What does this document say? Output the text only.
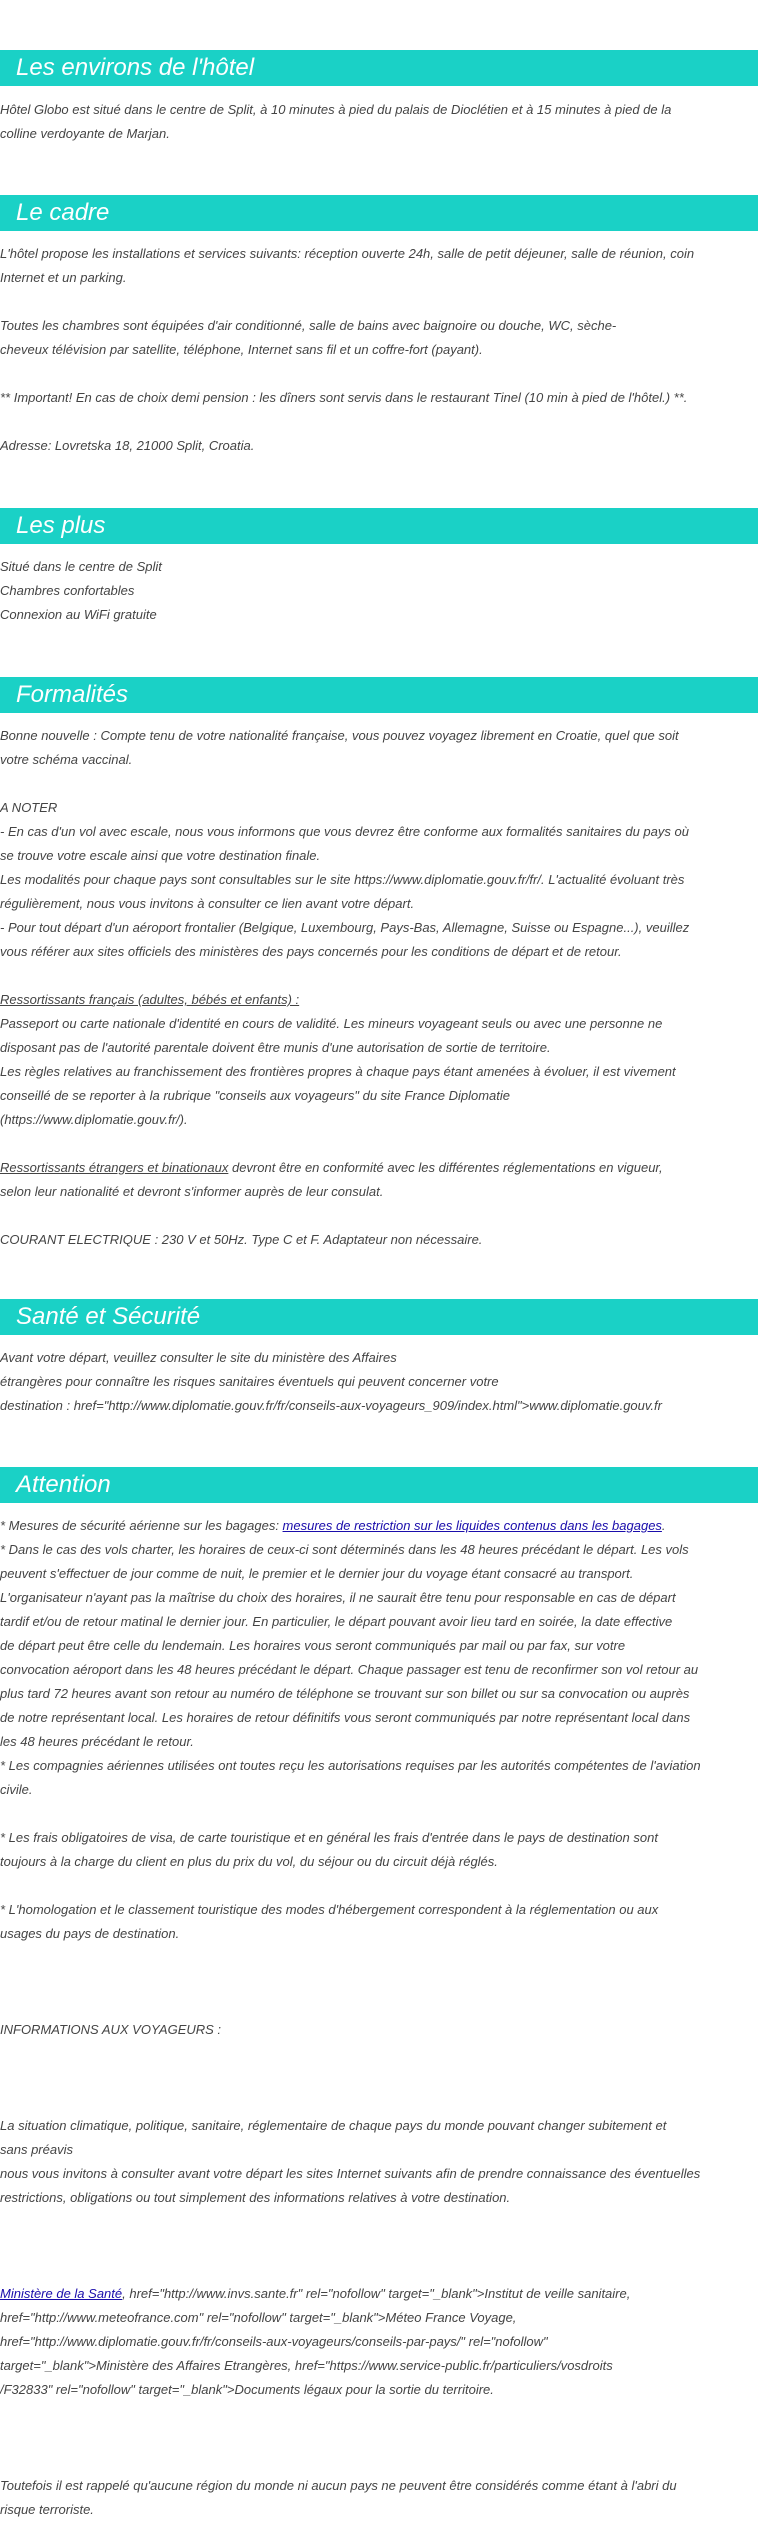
Les environs de l'hôtel
Hôtel Globo est situé dans le centre de Split, à 10 minutes à pied du palais de Dioclétien et à 15 minutes à pied de la
colline verdoyante de Marjan.
Le cadre
L'hôtel propose les installations et services suivants: réception ouverte 24h, salle de petit déjeuner, salle de réunion, coin
Internet et un parking.
Toutes les chambres sont équipées d'air conditionné, salle de bains avec baignoire ou douche, WC, sèche-
cheveux télévision par satellite, téléphone, Internet sans fil et un coffre-fort (payant).
** Important! En cas de choix demi pension : les dîners sont servis dans le restaurant Tinel (10 min à pied de l'hôtel.) **.
Adresse: Lovretska 18, 21000 Split, Croatia.
Les plus
Situé dans le centre de Split
Chambres confortables
Connexion au WiFi gratuite
Formalités
Bonne nouvelle : Compte tenu de votre nationalité française, vous pouvez voyagez librement en Croatie, quel que soit
votre schéma vaccinal.
A NOTER
- En cas d'un vol avec escale, nous vous informons que vous devrez être conforme aux formalités sanitaires du pays où
se trouve votre escale ainsi que votre destination finale.
Les modalités pour chaque pays sont consultables sur le site https://www.diplomatie.gouv.fr/fr/. L'actualité évoluant très
régulièrement, nous vous invitons à consulter ce lien avant votre départ.
- Pour tout départ d'un aéroport frontalier (Belgique, Luxembourg, Pays-Bas, Allemagne, Suisse ou Espagne...), veuillez
vous référer aux sites officiels des ministères des pays concernés pour les conditions de départ et de retour.
Ressortissants français (adultes, bébés et enfants) :
Passeport ou carte nationale d'identité en cours de validité. Les mineurs voyageant seuls ou avec une personne ne
disposant pas de l'autorité parentale doivent être munis d'une autorisation de sortie de territoire.
Les règles relatives au franchissement des frontières propres à chaque pays étant amenées à évoluer, il est vivement
conseillé de se reporter à la rubrique "conseils aux voyageurs" du site France Diplomatie
(https://www.diplomatie.gouv.fr/).
Ressortissants étrangers et binationaux devront être en conformité avec les différentes réglementations en vigueur,
selon leur nationalité et devront s'informer auprès de leur consulat.
COURANT ELECTRIQUE : 230 V et 50Hz. Type C et F. Adaptateur non nécessaire.
Santé et Sécurité
Avant votre départ, veuillez consulter le site du ministère des Affaires
étrangères pour connaître les risques sanitaires éventuels qui peuvent concerner votre
destination : href="http://www.diplomatie.gouv.fr/fr/conseils-aux-voyageurs_909/index.html">www.diplomatie.gouv.fr
Attention
* Mesures de sécurité aérienne sur les bagages: mesures de restriction sur les liquides contenus dans les bagages.
* Dans le cas des vols charter, les horaires de ceux-ci sont déterminés dans les 48 heures précédant le départ. Les vols
peuvent s'effectuer de jour comme de nuit, le premier et le dernier jour du voyage étant consacré au transport.
L'organisateur n'ayant pas la maîtrise du choix des horaires, il ne saurait être tenu pour responsable en cas de départ
tardif et/ou de retour matinal le dernier jour. En particulier, le départ pouvant avoir lieu tard en soirée, la date effective
de départ peut être celle du lendemain. Les horaires vous seront communiqués par mail ou par fax, sur votre
convocation aéroport dans les 48 heures précédant le départ. Chaque passager est tenu de reconfirmer son vol retour au
plus tard 72 heures avant son retour au numéro de téléphone se trouvant sur son billet ou sur sa convocation ou auprès
de notre représentant local. Les horaires de retour définitifs vous seront communiqués par notre représentant local dans
les 48 heures précédant le retour.
* Les compagnies aériennes utilisées ont toutes reçu les autorisations requises par les autorités compétentes de l'aviation
civile.
* Les frais obligatoires de visa, de carte touristique et en général les frais d'entrée dans le pays de destination sont
toujours à la charge du client en plus du prix du vol, du séjour ou du circuit déjà réglés.
* L'homologation et le classement touristique des modes d'hébergement correspondent à la réglementation ou aux
usages du pays de destination.
INFORMATIONS AUX VOYAGEURS :
La situation climatique, politique, sanitaire, réglementaire de chaque pays du monde pouvant changer subitement et
sans préavis
nous vous invitons à consulter avant votre départ les sites Internet suivants afin de prendre connaissance des éventuelles
restrictions, obligations ou tout simplement des informations relatives à votre destination.
Ministère de la Santé, href="http://www.invs.sante.fr" rel="nofollow" target="_blank">Institut de veille sanitaire,
href="http://www.meteofrance.com" rel="nofollow" target="_blank">Méteo France Voyage,
href="http://www.diplomatie.gouv.fr/fr/conseils-aux-voyageurs/conseils-par-pays/" rel="nofollow"
target="_blank">Ministère des Affaires Etrangères, href="https://www.service-public.fr/particuliers/vosdroits
/F32833" rel="nofollow" target="_blank">Documents légaux pour la sortie du territoire.
Toutefois il est rappelé qu'aucune région du monde ni aucun pays ne peuvent être considérés comme étant à l'abri du
risque terroriste.
